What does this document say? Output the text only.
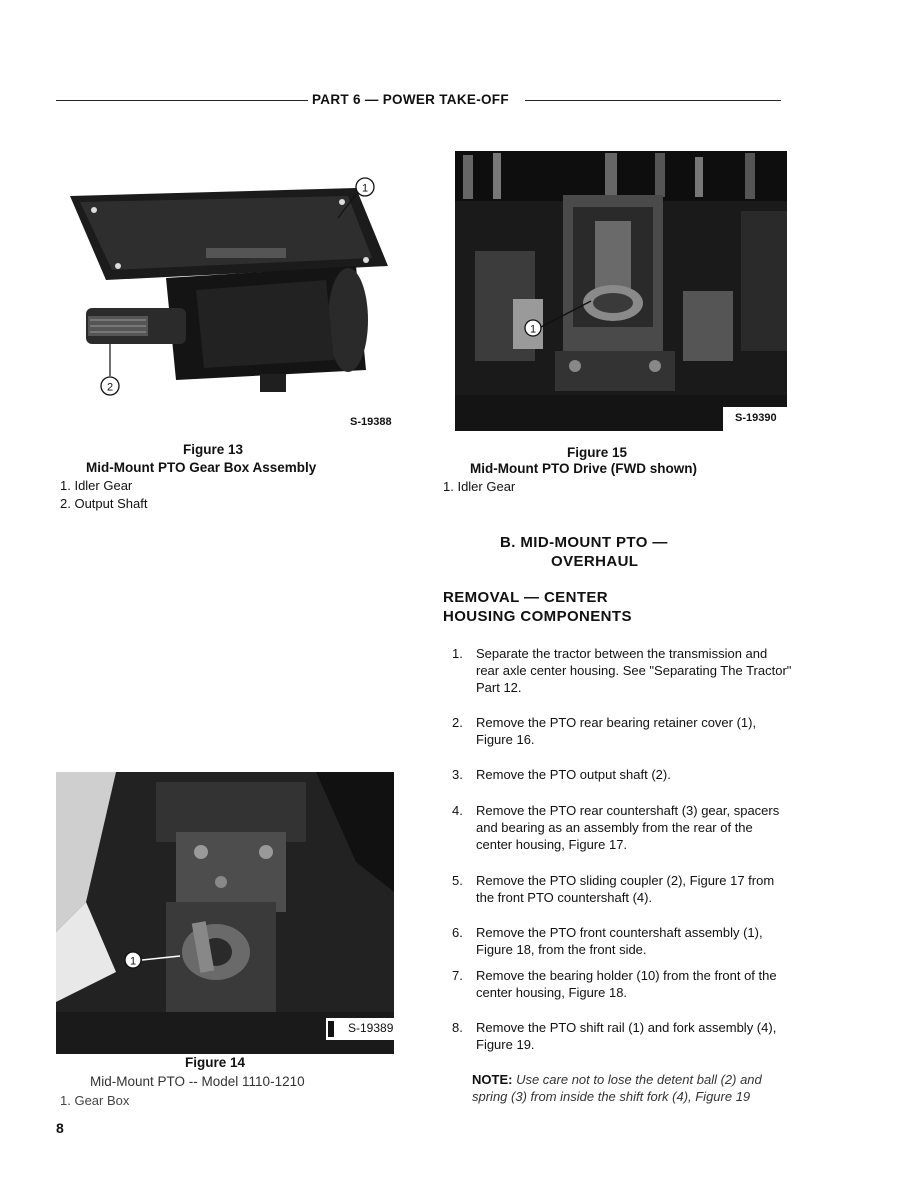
PART 6 — POWER TAKE-OFF
1
2
S-19388
Figure 13
Mid-Mount PTO Gear Box Assembly
1. Idler Gear
2. Output Shaft
1
S-19390
Figure 15
Mid-Mount PTO Drive (FWD shown)
1. Idler Gear
B. MID-MOUNT PTO —
OVERHAUL
REMOVAL — CENTER
HOUSING COMPONENTS
1.	Separate the tractor between the transmission and rear axle center housing. See "Separating The Tractor" Part 12.
2.	Remove the PTO rear bearing retainer cover (1), Figure 16.
3.	Remove the PTO output shaft (2).
4.	Remove the PTO rear countershaft (3) gear, spacers and bearing as an assembly from the rear of the center housing, Figure 17.
5.	Remove the PTO sliding coupler (2), Figure 17 from the front PTO countershaft (4).
6.	Remove the PTO front countershaft assembly (1), Figure 18, from the front side.
7.	Remove the bearing holder (10) from the front of the center housing, Figure 18.
8.	Remove the PTO shift rail (1) and fork assembly (4), Figure 19.
NOTE: Use care not to lose the detent ball (2) and spring (3) from inside the shift fork (4), Figure 19
1
S-19389
Figure 14
Mid-Mount PTO -- Model 1110-1210
1. Gear Box
8
